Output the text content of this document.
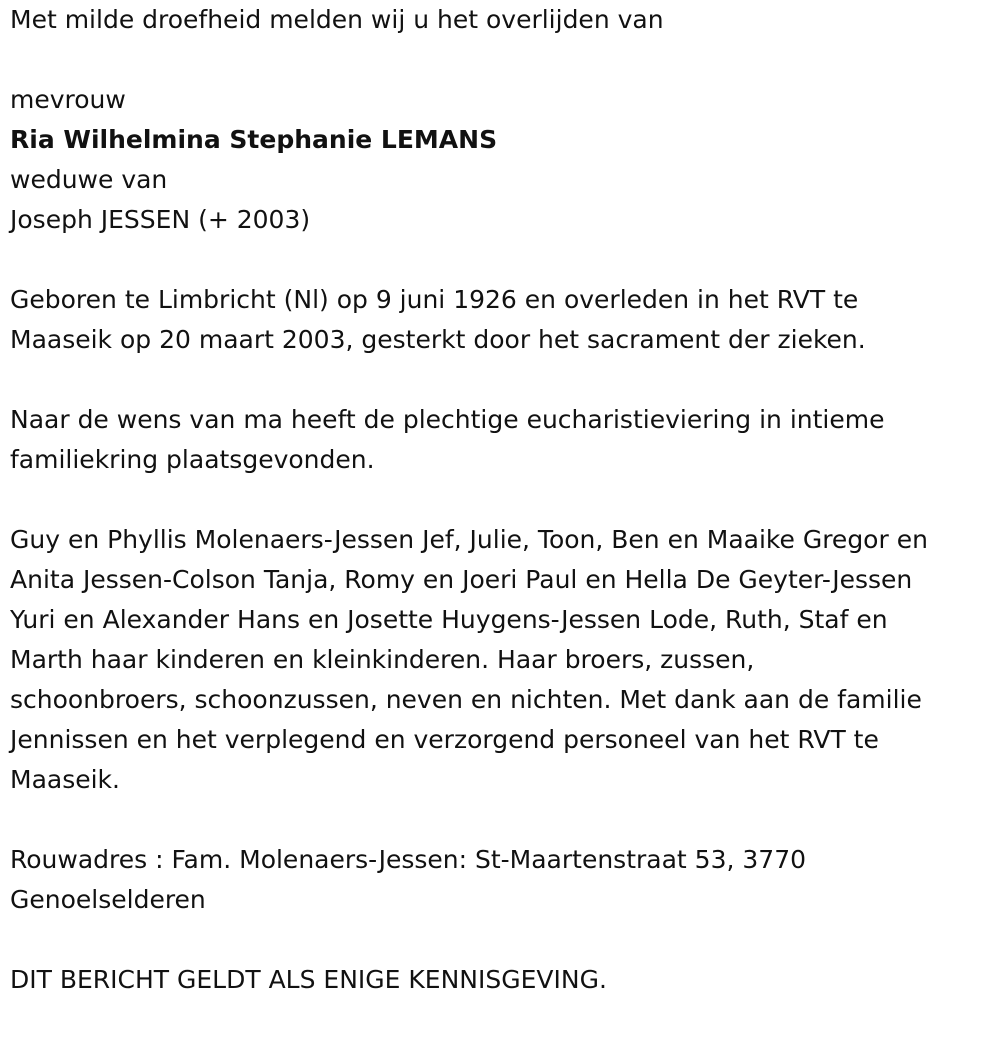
Met milde droefheid melden wij u het overlijden van

mevrouw

Ria Wilhelmina Stephanie LEMANS

weduwe van

Joseph JESSEN (+ 2003)

Geboren te Limbricht (Nl) op 9 juni 1926 en overleden in het RVT te

Maaseik op 20 maart 2003, gesterkt door het sacrament der zieken.

Naar de wens van ma heeft de plechtige eucharistieviering in intieme

familiekring plaatsgevonden.

Guy en Phyllis Molenaers-Jessen Jef, Julie, Toon, Ben en Maaike Gregor en

Anita Jessen-Colson Tanja, Romy en Joeri Paul en Hella De Geyter-Jessen

Yuri en Alexander Hans en Josette Huygens-Jessen Lode, Ruth, Staf en

Marth haar kinderen en kleinkinderen. Haar broers, zussen,

schoonbroers, schoonzussen, neven en nichten. Met dank aan de familie

Jennissen en het verplegend en verzorgend personeel van het RVT te

Maaseik.

Rouwadres : Fam. Molenaers-Jessen: St-Maartenstraat 53, 3770

Genoelselderen

DIT BERICHT GELDT ALS ENIGE KENNISGEVING.
